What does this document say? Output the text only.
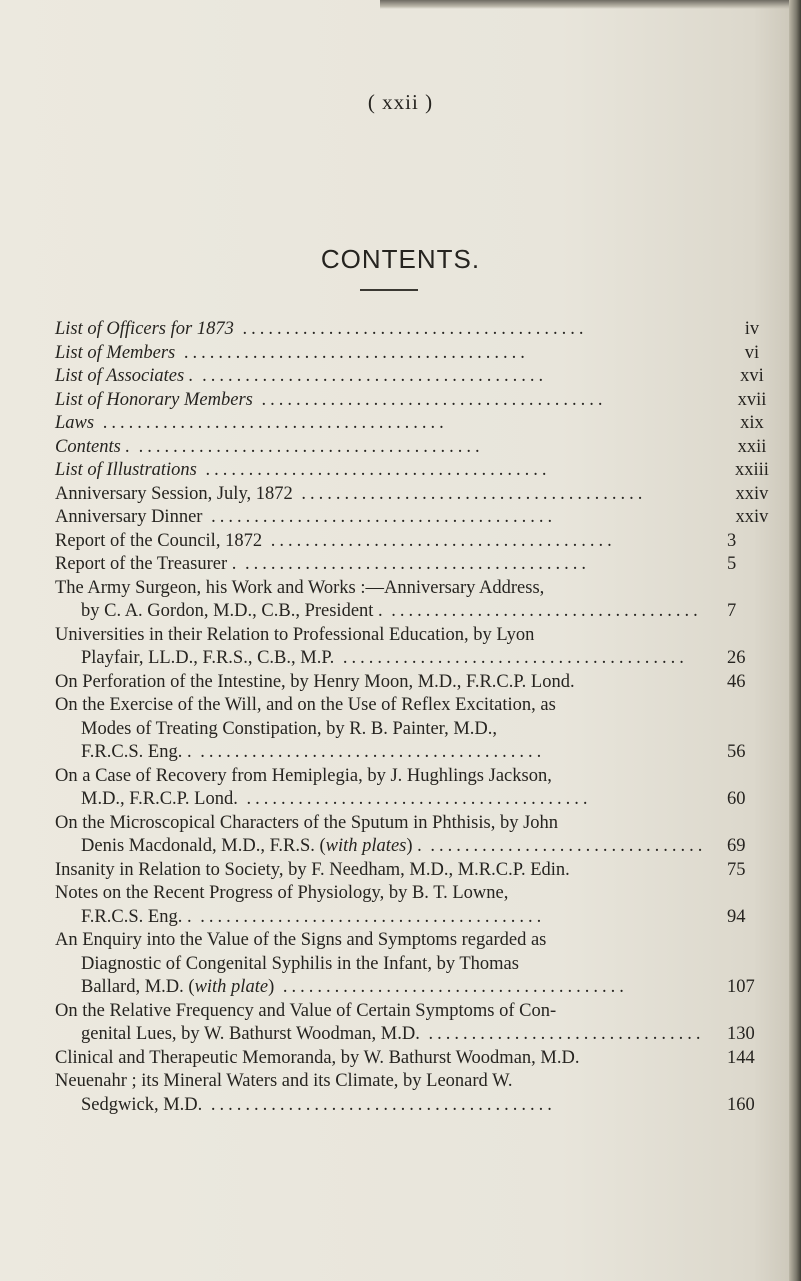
( xxii )
CONTENTS.
List of Officers for 1873 ........................................	iv
List of Members ........................................	vi
List of Associates . ........................................	xvi
List of Honorary Members ........................................	xvii
Laws ........................................	xix
Contents . ........................................	xxii
List of Illustrations ........................................	xxiii
Anniversary Session, July, 1872 ........................................	xxiv
Anniversary Dinner ........................................	xxiv
Report of the Council, 1872 ........................................	3
Report of the Treasurer . ........................................	5
The Army Surgeon, his Work and Works :—Anniversary Address,
by C. A. Gordon, M.D., C.B., President . .................................... 7
Universities in their Relation to Professional Education, by Lyon
Playfair, LL.D., F.R.S., C.B., M.P. ........................................ 26
On Perforation of the Intestine, by Henry Moon, M.D., F.R.C.P. Lond.	46
On the Exercise of the Will, and on the Use of Reflex Excitation, as
Modes of Treating Constipation, by R. B. Painter, M.D.,
F.R.C.S. Eng. . ........................................	56
On a Case of Recovery from Hemiplegia, by J. Hughlings Jackson,
M.D., F.R.C.P. Lond. ........................................	60
On the Microscopical Characters of the Sputum in Phthisis, by John
Denis Macdonald, M.D., F.R.S. (with plates) . ................................ 69
Insanity in Relation to Society, by F. Needham, M.D., M.R.C.P. Edin.	75
Notes on the Recent Progress of Physiology, by B. T. Lowne,
F.R.C.S. Eng. . ........................................	94
An Enquiry into the Value of the Signs and Symptoms regarded as
Diagnostic of Congenital Syphilis in the Infant, by Thomas
Ballard, M.D. (with plate) ........................................	107
On the Relative Frequency and Value of Certain Symptoms of Con-
genital Lues, by W. Bathurst Woodman, M.D. ................................ 130
Clinical and Therapeutic Memoranda, by W. Bathurst Woodman, M.D.	144
Neuenahr ; its Mineral Waters and its Climate, by Leonard W.
Sedgwick, M.D. ........................................	160
